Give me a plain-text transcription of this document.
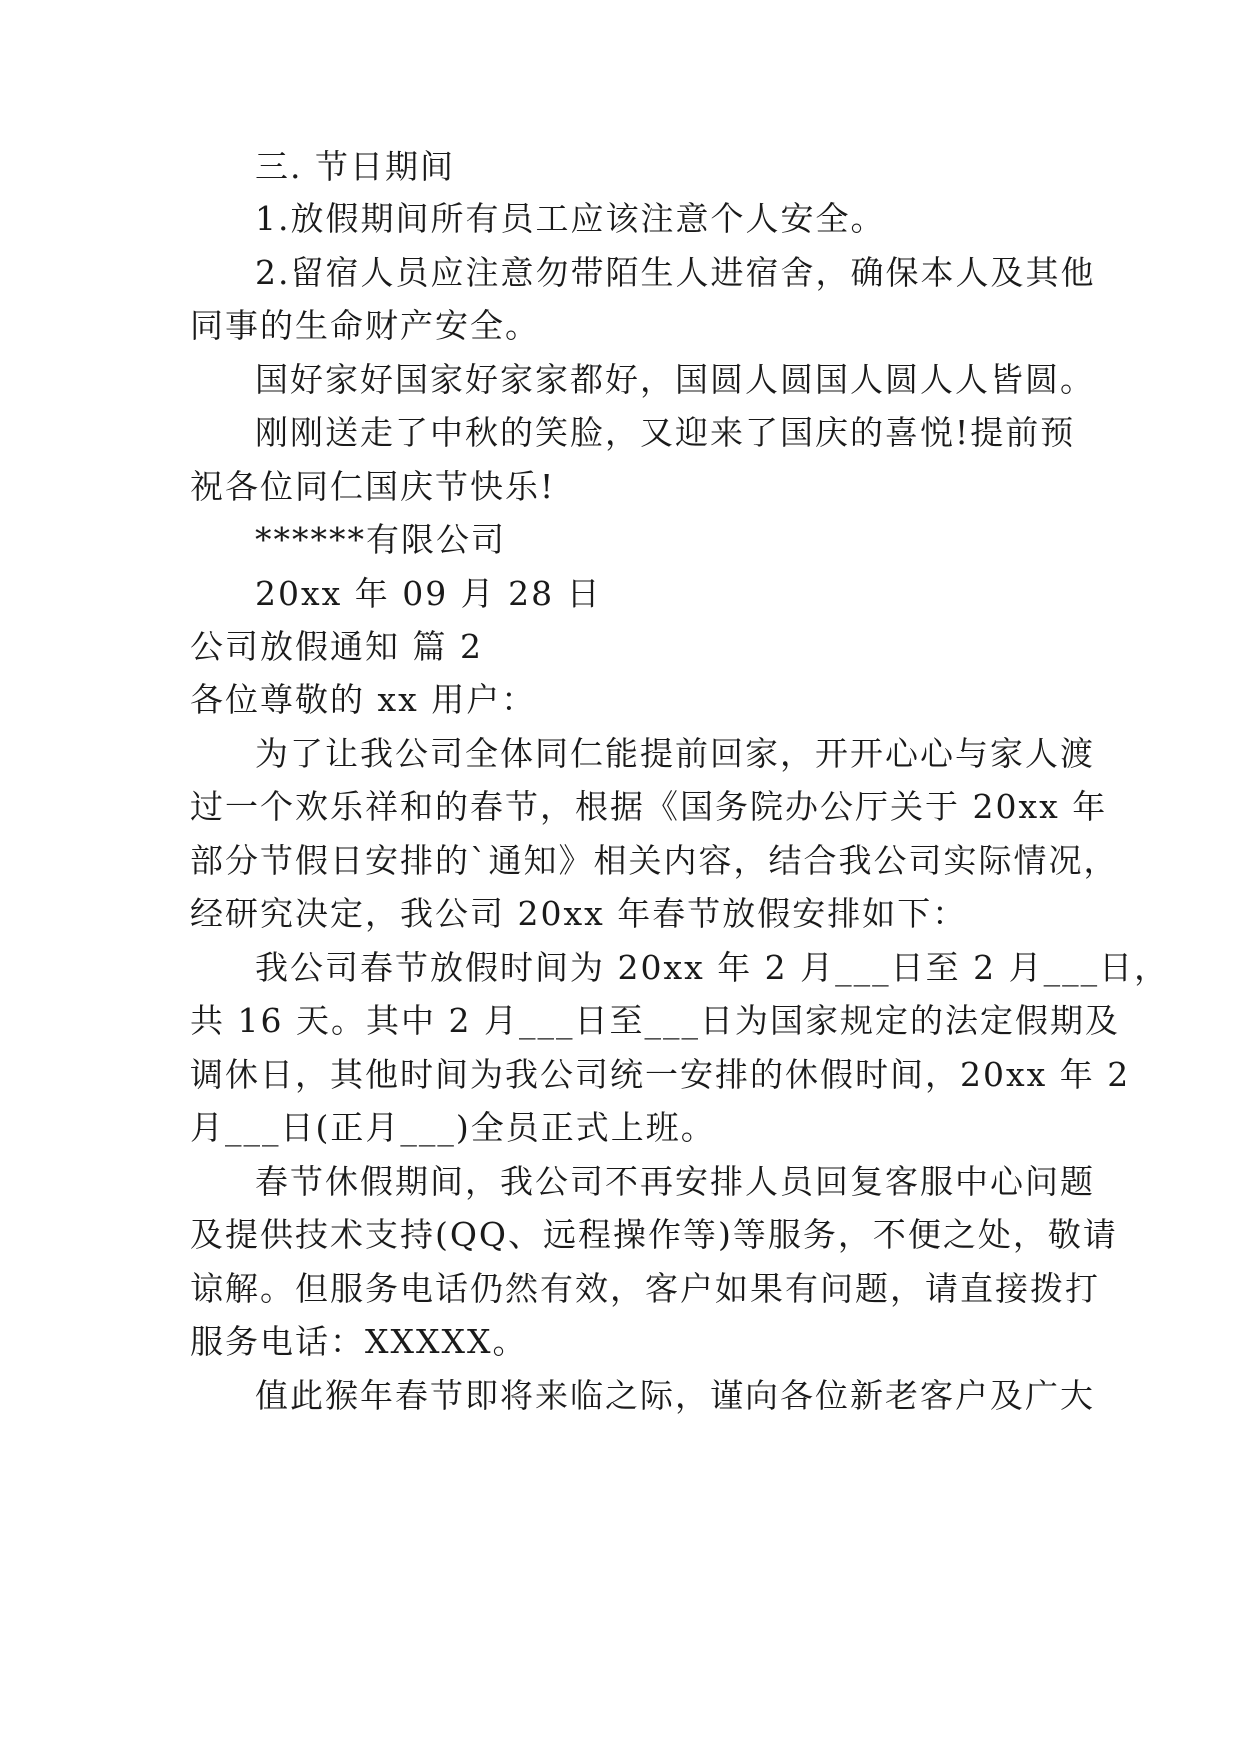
三. 节日期间
1.放假期间所有员工应该注意个人安全。
2.留宿人员应注意勿带陌生人进宿舍，确保本人及其他
同事的生命财产安全。
国好家好国家好家家都好，国圆人圆国人圆人人皆圆。
刚刚送走了中秋的笑脸，又迎来了国庆的喜悦!提前预
祝各位同仁国庆节快乐!
******有限公司
20xx 年 09 月 28 日
公司放假通知 篇 2
各位尊敬的 xx 用户：
为了让我公司全体同仁能提前回家，开开心心与家人渡
过一个欢乐祥和的春节，根据《国务院办公厅关于 20xx 年
部分节假日安排的`通知》相关内容，结合我公司实际情况，
经研究决定，我公司 20xx 年春节放假安排如下：
我公司春节放假时间为 20xx 年 2 月___日至 2 月___日，
共 16 天。其中 2 月___日至___日为国家规定的法定假期及
调休日，其他时间为我公司统一安排的休假时间，20xx 年 2
月___日(正月___)全员正式上班。
春节休假期间，我公司不再安排人员回复客服中心问题
及提供技术支持(QQ、远程操作等)等服务，不便之处，敬请
谅解。但服务电话仍然有效，客户如果有问题，请直接拨打
服务电话：XXXXX。
值此猴年春节即将来临之际，谨向各位新老客户及广大
